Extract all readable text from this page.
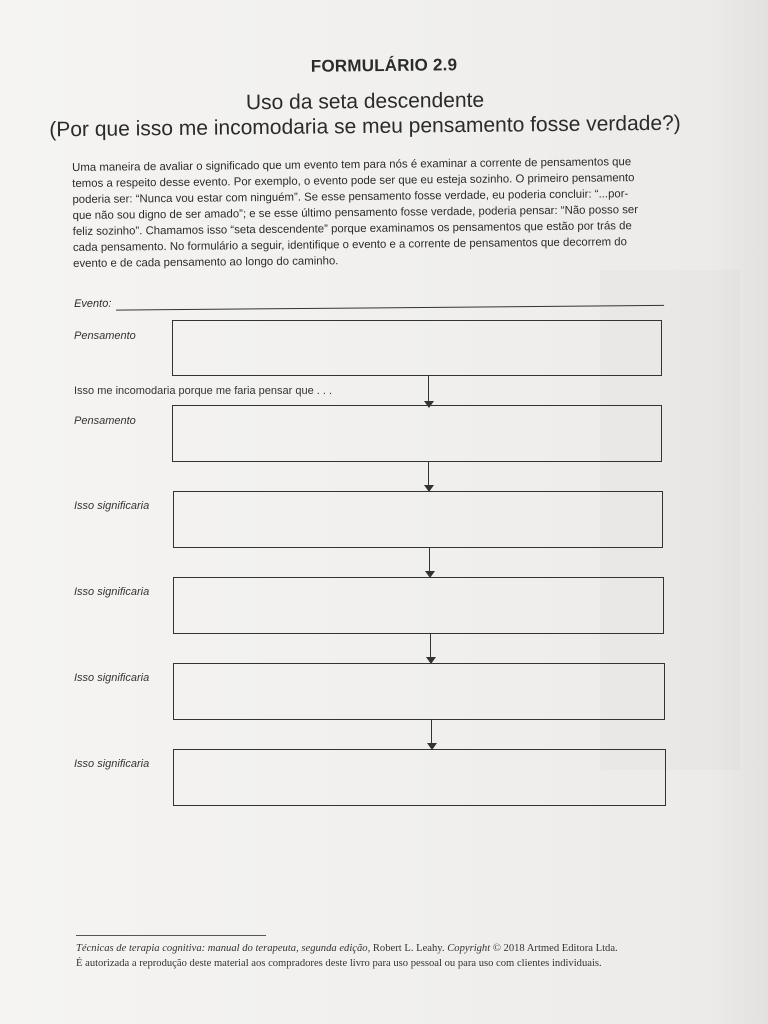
FORMULÁRIO 2.9
Uso da seta descendente
(Por que isso me incomodaria se meu pensamento fosse verdade?)

Uma maneira de avaliar o significado que um evento tem para nós é examinar a corrente de pensamentos que

temos a respeito desse evento. Por exemplo, o evento pode ser que eu esteja sozinho. O primeiro pensamento

poderia ser: “Nunca vou estar com ninguém”. Se esse pensamento fosse verdade, eu poderia concluir: “...por-

que não sou digno de ser amado”; e se esse último pensamento fosse verdade, poderia pensar: “Não posso ser

feliz sozinho”. Chamamos isso “seta descendente” porque examinamos os pensamentos que estão por trás de

cada pensamento. No formulário a seguir, identifique o evento e a corrente de pensamentos que decorrem do

evento e de cada pensamento ao longo do caminho.

Evento:
Pensamento
Isso me incomodaria porque me faria pensar que . . .
Pensamento
Isso significaria
Isso significaria
Isso significaria
Isso significaria

Técnicas de terapia cognitiva: manual do terapeuta, segunda edição, Robert L. Leahy. Copyright © 2018 Artmed Editora Ltda.

É autorizada a reprodução deste material aos compradores deste livro para uso pessoal ou para uso com clientes individuais.
